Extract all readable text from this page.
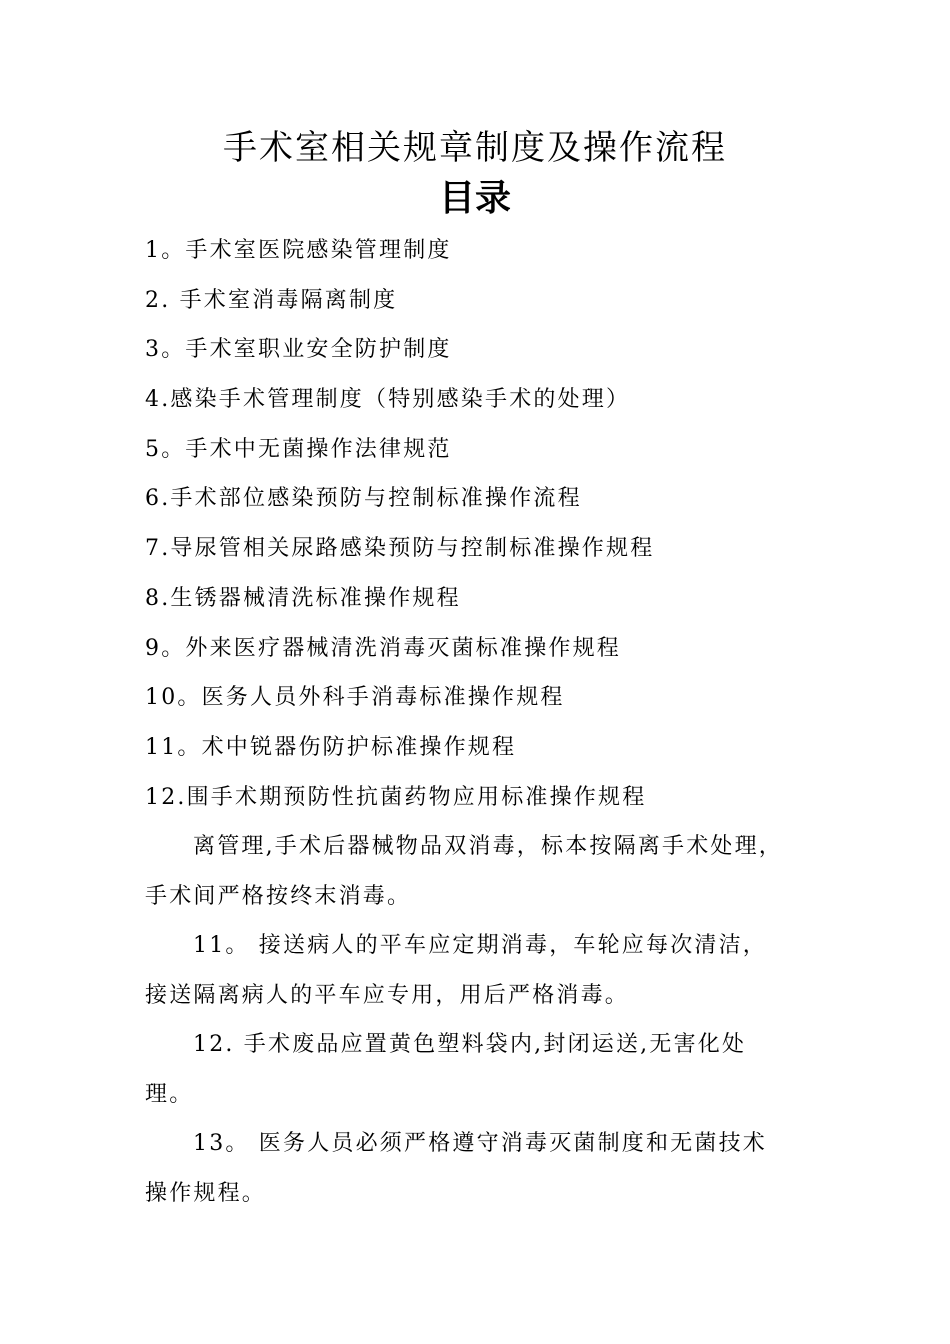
手术室相关规章制度及操作流程
目录
1。手术室医院感染管理制度
2. 手术室消毒隔离制度
3。手术室职业安全防护制度
4.感染手术管理制度（特别感染手术的处理）
5。手术中无菌操作法律规范
6.手术部位感染预防与控制标准操作流程
7.导尿管相关尿路感染预防与控制标准操作规程
8.生锈器械清洗标准操作规程
9。外来医疗器械清洗消毒灭菌标准操作规程
10。医务人员外科手消毒标准操作规程
11。术中锐器伤防护标准操作规程
12.围手术期预防性抗菌药物应用标准操作规程

离管理,手术后器械物品双消毒，标本按隔离手术处理，
手术间严格按终末消毒。

11。 接送病人的平车应定期消毒，车轮应每次清洁，
接送隔离病人的平车应专用，用后严格消毒。

12. 手术废品应置黄色塑料袋内,封闭运送,无害化处
理。

13。 医务人员必须严格遵守消毒灭菌制度和无菌技术
操作规程。
